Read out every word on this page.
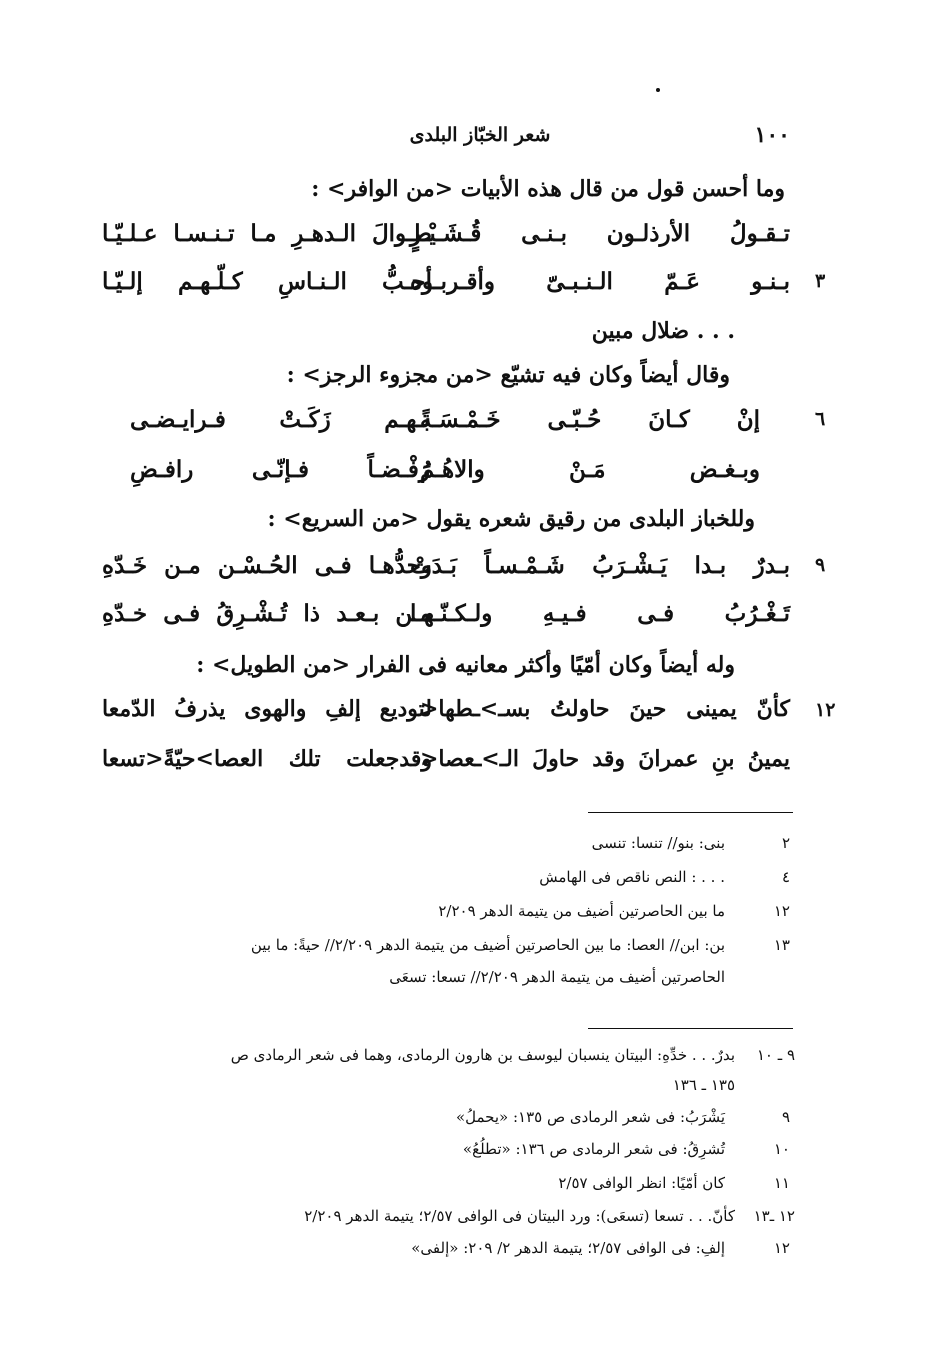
١٠٠
شعر الخبّاز البلدى
وما أحسن قول من قال هذه الأبيات <من الوافر> :
تـقـولُ الأرذلـون بـنـى قُـشَـيْـرٍ
طـوالَ الـدهـرِ مـا تـنـسـا عـلـيّـا
٣
بـنـو عَـمّ الـنـبـىّ وأقـربـوه
أحـبُّ الـنـاسِ كـلّـهـم إلـيّـا
. . . ضلال مبين
وقال أيضاً وكان فيه تشيّع <من مجزوء الرجز> :
٦
إنْ كـانَ حُـبّـى خَـمْـسَـةً
بـهـم زَكَـتْ فـرايـضـى
وبـغـض مَـنْ والاهُـمُ
رَفْـضـاً فـإنّـى رافـضِ
وللخباز البلدى من رقيق شعره يقول <من السريع> :
٩
بـدرٌ بـدا يَـشْـرَبُ شَـمْـسـاً بَـدَتْ
وحدُّهـا فـى الحُـسْـن مـن خَـدّهِ
تَـغْـرُبُ فـى فـيـهِ ولـكـنّـهـا
مـن بـعـد ذا تُـشْـرِقُ فـى خـدّهِ
وله أيضاً وكان أمّيًا وأكثر معانيه فى الفرار <من الطويل> :
١٢
كأنّ يمينى حينَ حاولتُ بسـ>ـطها<
لتوديع إلفِ والهوى يذرفُ الدّمعا
يمينُ بنِ عمرانَ وقد حاولَ الـ>ـعصا<
وقدجعلت تلك العصا>حيّةً<تسعا
٢
بنى: بنو// تنسا: تنسى
٤
. . . : النص ناقص فى الهامش
١٢
ما بين الحاصرتين أضيف من يتيمة الدهر ٢/٢٠٩
١٣
بن: ابن// العصا: ما بين الحاصرتين أضيف من يتيمة الدهر ٢/٢٠٩// حيةً: ما بين
الحاصرتين أضيف من يتيمة الدهر ٢/٢٠٩// تسعا: تسعَى
٩ ـ ١٠
بدرٌ. . . خدِّهِ: البيتان ينسبان ليوسف بن هارون الرمادى، وهما فى شعر الرمادى ص
١٣٥ ـ ١٣٦
٩
يَشْرَبُ: فى شعر الرمادى ص ١٣٥: «يحملُ»
١٠
تُشرِقُ: فى شعر الرمادى ص ١٣٦: «تطلُعُ»
١١
كان أمّيًا: انظر الوافى ٢/٥٧
١٢ ـ١٣
كأنّ. . . تسعا (تسعَى): ورد البيتان فى الوافى ٢/٥٧؛ يتيمة الدهر ٢/٢٠٩
١٢
إلفِ: فى الوافى ٢/٥٧؛ يتيمة الدهر ٢/ ٢٠٩: «إلفى»
